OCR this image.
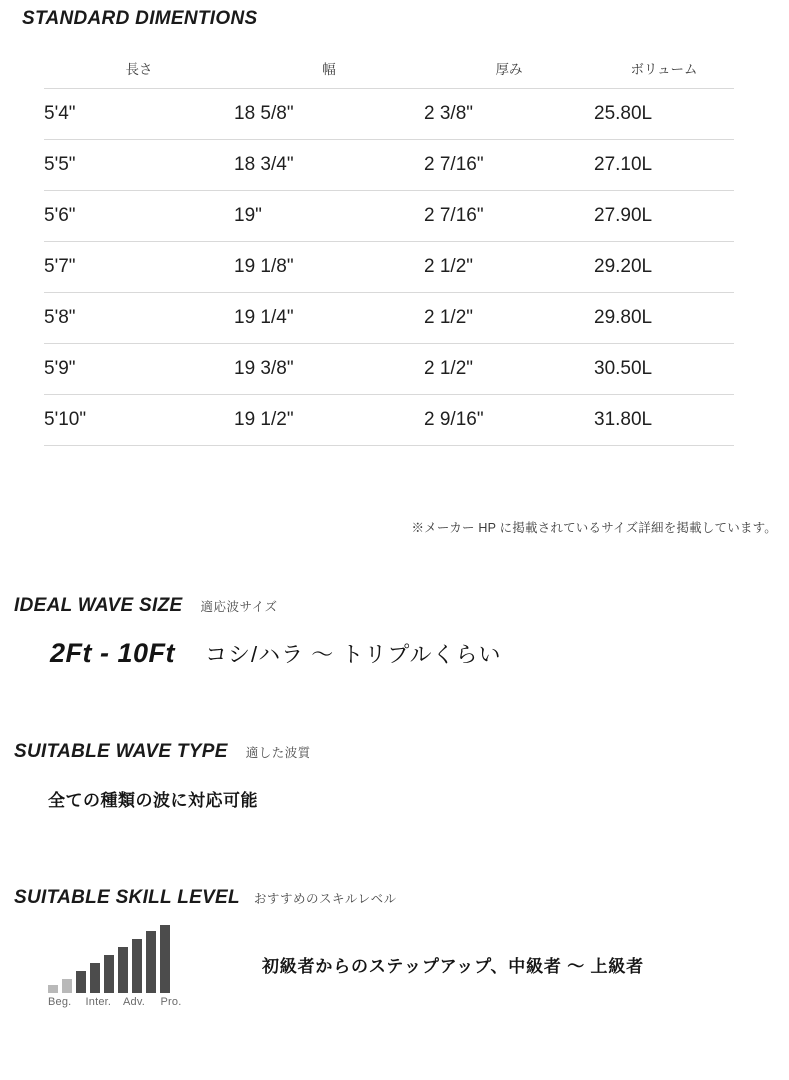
STANDARD DIMENTIONS
長さ	幅	厚み	ボリューム
5'4"	18 5/8"	2 3/8"	25.80L
5'5"	18 3/4"	2 7/16"	27.10L
5'6"	19"	2 7/16"	27.90L
5'7"	19 1/8"	2 1/2"	29.20L
5'8"	19 1/4"	2 1/2"	29.80L
5'9"	19 3/8"	2 1/2"	30.50L
5'10"	19 1/2"	2 9/16"	31.80L
※メーカー HP に掲載されているサイズ詳細を掲載しています。
IDEAL WAVE SIZE 適応波サイズ
2Ft - 10Ft コシ/ハラ 〜 トリプルくらい
SUITABLE WAVE TYPE 適した波質
全ての種類の波に対応可能
SUITABLE SKILL LEVEL おすすめのスキルレベル
Beg.	Inter.	Adv.	Pro.
初級者からのステップアップ、中級者 〜 上級者
